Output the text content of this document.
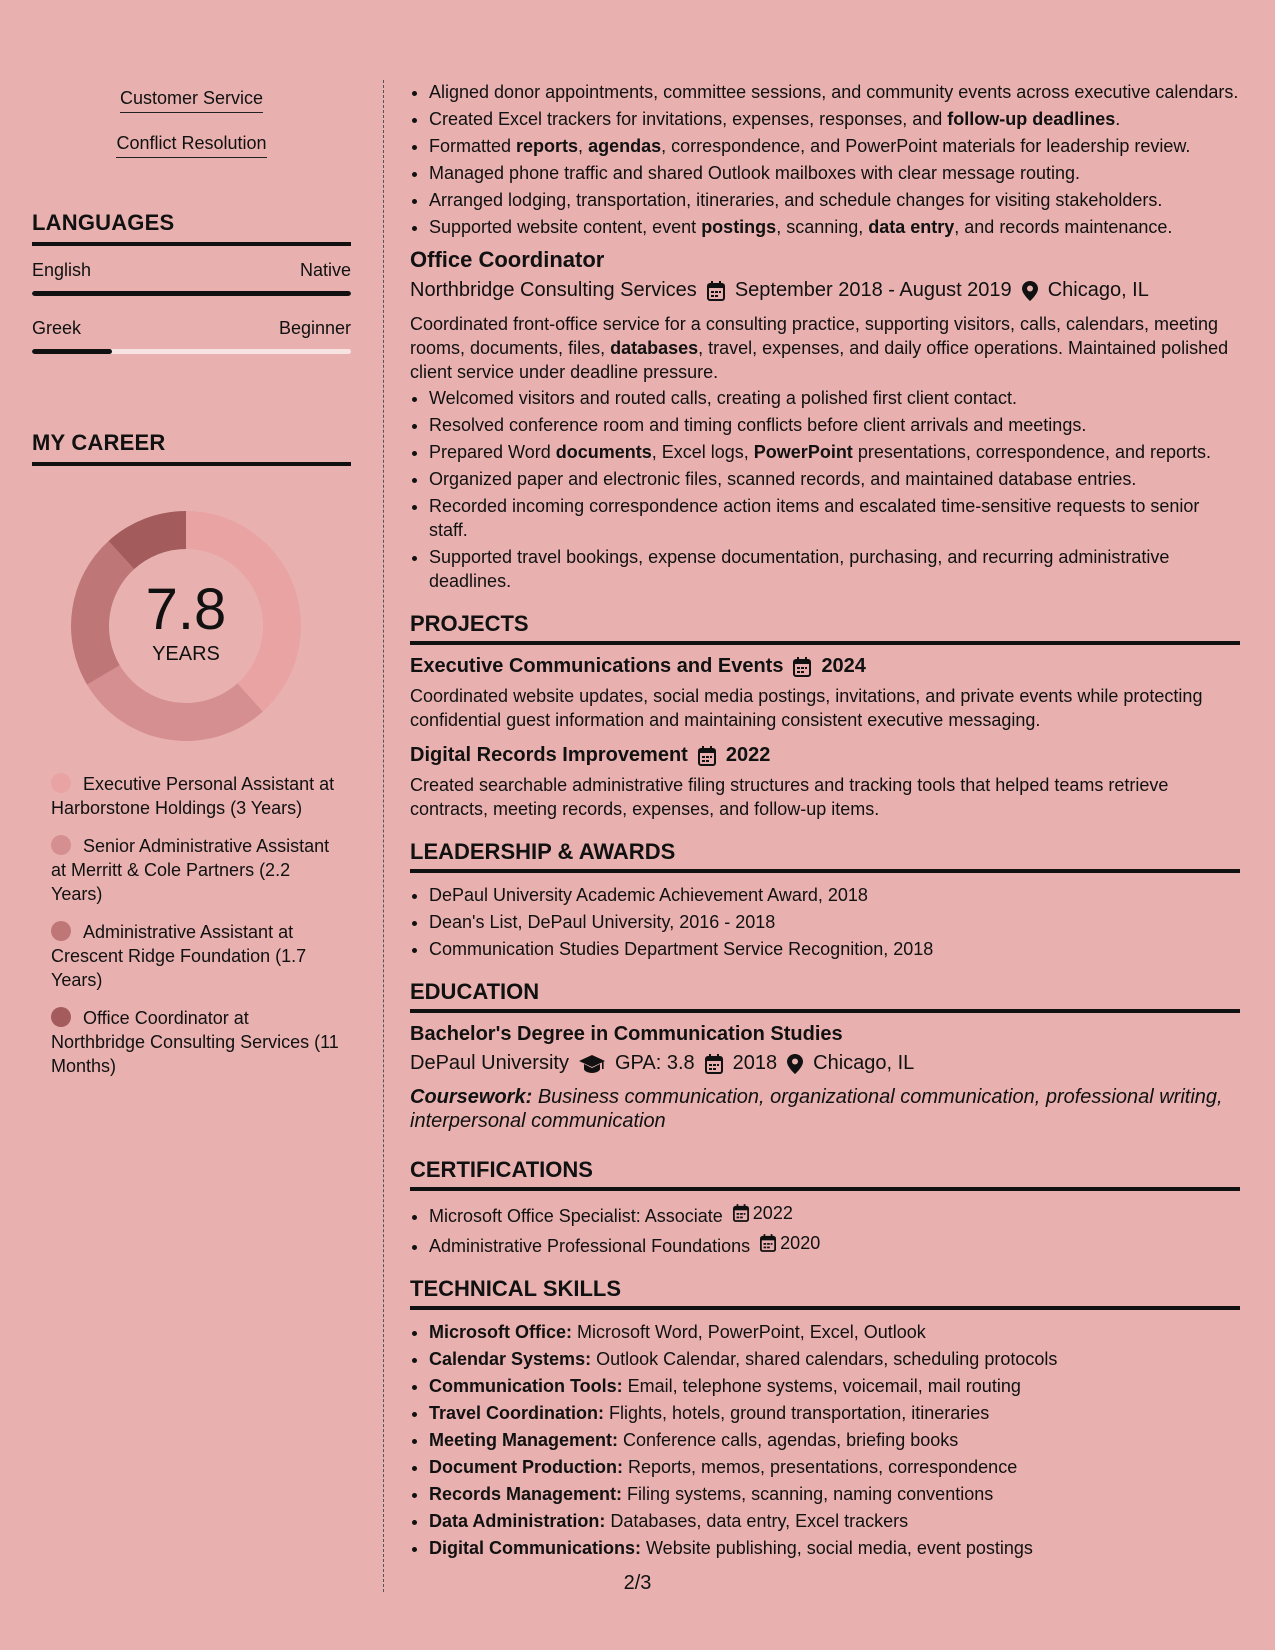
Customer Service
Conflict Resolution
LANGUAGES
English	Native
Greek	Beginner
MY CAREER
7.8
YEARS
Executive Personal Assistant at Harborstone Holdings (3 Years)
Senior Administrative Assistant at Merritt & Cole Partners (2.2 Years)
Administrative Assistant at Crescent Ridge Foundation (1.7 Years)
Office Coordinator at Northbridge Consulting Services (11 Months)
• Aligned donor appointments, committee sessions, and community events across executive calendars.
• Created Excel trackers for invitations, expenses, responses, and follow-up deadlines.
• Formatted reports, agendas, correspondence, and PowerPoint materials for leadership review.
• Managed phone traffic and shared Outlook mailboxes with clear message routing.
• Arranged lodging, transportation, itineraries, and schedule changes for visiting stakeholders.
• Supported website content, event postings, scanning, data entry, and records maintenance.
Office Coordinator
Northbridge Consulting Services September 2018 - August 2019 Chicago, IL

Coordinated front-office service for a consulting practice, supporting visitors, calls, calendars, meeting rooms, documents, files, databases, travel, expenses, and daily office operations. Maintained polished client service under deadline pressure.

• Welcomed visitors and routed calls, creating a polished first client contact.
• Resolved conference room and timing conflicts before client arrivals and meetings.
• Prepared Word documents, Excel logs, PowerPoint presentations, correspondence, and reports.
• Organized paper and electronic files, scanned records, and maintained database entries.
• Recorded incoming correspondence action items and escalated time-sensitive requests to senior staff.
• Supported travel bookings, expense documentation, purchasing, and recurring administrative deadlines.
PROJECTS
Executive Communications and Events 2024

Coordinated website updates, social media postings, invitations, and private events while protecting confidential guest information and maintaining consistent executive messaging.

Digital Records Improvement 2022

Created searchable administrative filing structures and tracking tools that helped teams retrieve contracts, meeting records, expenses, and follow-up items.

LEADERSHIP & AWARDS
• DePaul University Academic Achievement Award, 2018
• Dean's List, DePaul University, 2016 - 2018
• Communication Studies Department Service Recognition, 2018
EDUCATION
Bachelor's Degree in Communication Studies
DePaul University GPA: 3.8 2018 Chicago, IL
Coursework: Business communication, organizational communication, professional writing, interpersonal communication
CERTIFICATIONS
• Microsoft Office Specialist: Associate 2022
• Administrative Professional Foundations 2020
TECHNICAL SKILLS
• Microsoft Office: Microsoft Word, PowerPoint, Excel, Outlook
• Calendar Systems: Outlook Calendar, shared calendars, scheduling protocols
• Communication Tools: Email, telephone systems, voicemail, mail routing
• Travel Coordination: Flights, hotels, ground transportation, itineraries
• Meeting Management: Conference calls, agendas, briefing books
• Document Production: Reports, memos, presentations, correspondence
• Records Management: Filing systems, scanning, naming conventions
• Data Administration: Databases, data entry, Excel trackers
• Digital Communications: Website publishing, social media, event postings
2/3
